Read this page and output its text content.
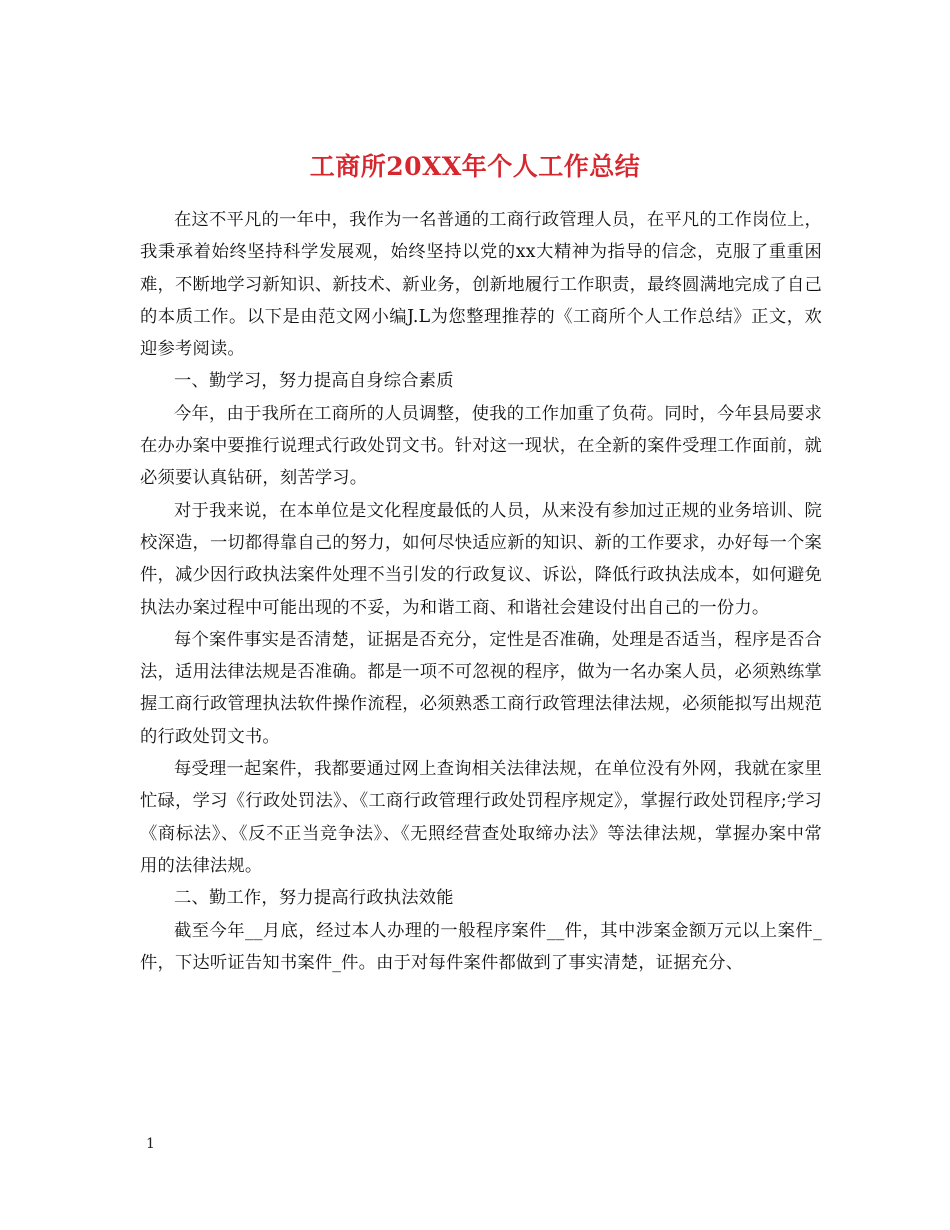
工商所20XX年个人工作总结

在这不平凡的一年中，我作为一名普通的工商行政管理人员，在平凡的工作岗位上，我秉承着始终坚持科学发展观，始终坚持以党的xx大精神为指导的信念，克服了重重困难，不断地学习新知识、新技术、新业务，创新地履行工作职责，最终圆满地完成了自己的本质工作。以下是由范文网小编J.L为您整理推荐的《工商所个人工作总结》正文，欢迎参考阅读。

一、勤学习，努力提高自身综合素质

今年，由于我所在工商所的人员调整，使我的工作加重了负荷。同时，今年县局要求在办办案中要推行说理式行政处罚文书。针对这一现状，在全新的案件受理工作面前，就必须要认真钻研，刻苦学习。

对于我来说，在本单位是文化程度最低的人员，从来没有参加过正规的业务培训、院校深造，一切都得靠自己的努力，如何尽快适应新的知识、新的工作要求，办好每一个案件，减少因行政执法案件处理不当引发的行政复议、诉讼，降低行政执法成本，如何避免执法办案过程中可能出现的不妥，为和谐工商、和谐社会建设付出自己的一份力。

每个案件事实是否清楚，证据是否充分，定性是否准确，处理是否适当，程序是否合法，适用法律法规是否准确。都是一项不可忽视的程序，做为一名办案人员，必须熟练掌握工商行政管理执法软件操作流程，必须熟悉工商行政管理法律法规，必须能拟写出规范的行政处罚文书。

每受理一起案件，我都要通过网上查询相关法律法规，在单位没有外网，我就在家里忙碌，学习《行政处罚法》、《工商行政管理行政处罚程序规定》，掌握行政处罚程序;学习《商标法》、《反不正当竞争法》、《无照经营查处取缔办法》等法律法规，掌握办案中常用的法律法规。

二、勤工作，努力提高行政执法效能

截至今年__月底，经过本人办理的一般程序案件__件，其中涉案金额万元以上案件_件，下达听证告知书案件_件。由于对每件案件都做到了事实清楚，证据充分、

1
